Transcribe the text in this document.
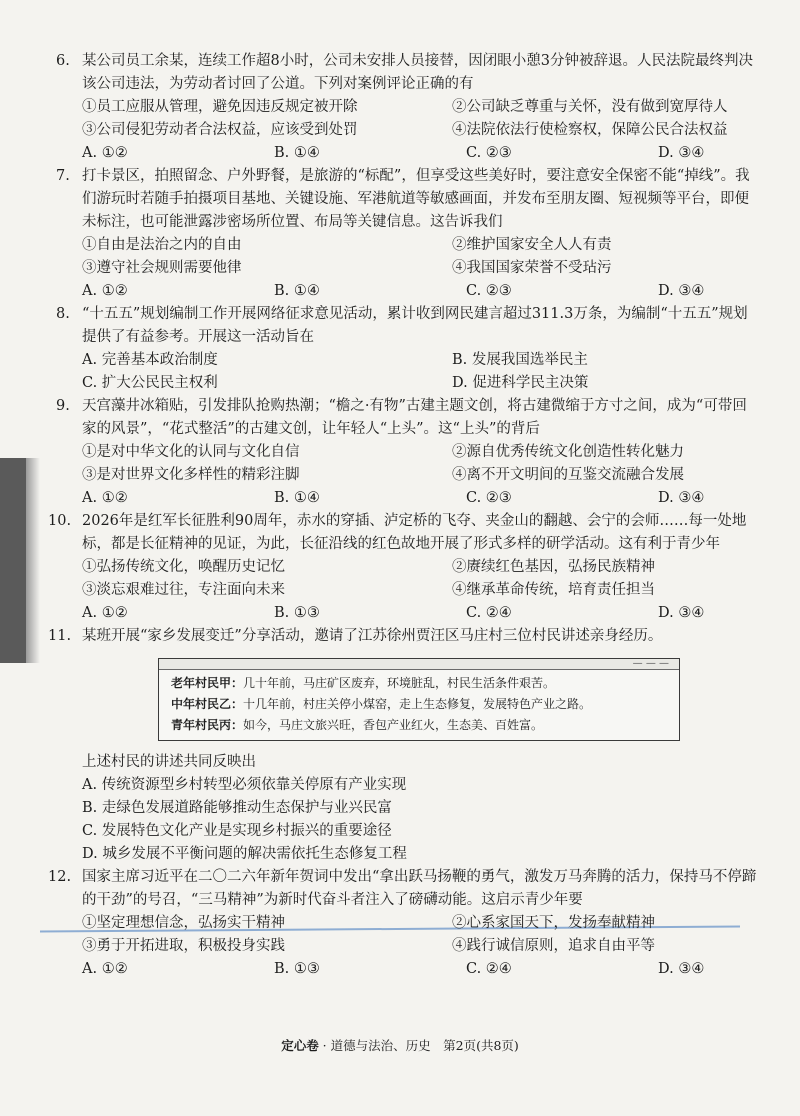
6. 某公司员工余某，连续工作超8小时，公司未安排人员接替，因闭眼小憩3分钟被辞退。人民法院最终判决该公司违法，为劳动者讨回了公道。下列对案例评论正确的有
①员工应服从管理，避免因违反规定被开除	②公司缺乏尊重与关怀，没有做到宽厚待人
③公司侵犯劳动者合法权益，应该受到处罚	④法院依法行使检察权，保障公民合法权益
A. ①②	B. ①④	C. ②③	D. ③④
7. 打卡景区，拍照留念、户外野餐，是旅游的“标配”，但享受这些美好时，要注意安全保密不能“掉线”。我们游玩时若随手拍摄项目基地、关键设施、军港航道等敏感画面，并发布至朋友圈、短视频等平台，即便未标注，也可能泄露涉密场所位置、布局等关键信息。这告诉我们
①自由是法治之内的自由	②维护国家安全人人有责
③遵守社会规则需要他律	④我国国家荣誉不受玷污
A. ①②	B. ①④	C. ②③	D. ③④
8. “十五五”规划编制工作开展网络征求意见活动，累计收到网民建言超过311.3万条，为编制“十五五”规划提供了有益参考。开展这一活动旨在
A. 完善基本政治制度	B. 发展我国选举民主
C. 扩大公民民主权利	D. 促进科学民主决策
9. 天宫藻井冰箱贴，引发排队抢购热潮；“檐之·有物”古建主题文创，将古建微缩于方寸之间，成为“可带回家的风景”，“花式整活”的古建文创，让年轻人“上头”。这“上头”的背后
①是对中华文化的认同与文化自信	②源自优秀传统文化创造性转化魅力
③是对世界文化多样性的精彩注脚	④离不开文明间的互鉴交流融合发展
A. ①②	B. ①④	C. ②③	D. ③④
10. 2026年是红军长征胜利90周年，赤水的穿插、泸定桥的飞夺、夹金山的翻越、会宁的会师……每一处地标，都是长征精神的见证，为此，长征沿线的红色故地开展了形式多样的研学活动。这有利于青少年
①弘扬传统文化，唤醒历史记忆	②赓续红色基因，弘扬民族精神
③淡忘艰难过往，专注面向未来	④继承革命传统，培育责任担当
A. ①②	B. ①③	C. ②④	D. ③④
11. 某班开展“家乡发展变迁”分享活动，邀请了江苏徐州贾汪区马庄村三位村民讲述亲身经历。
— — —
老年村民甲：几十年前，马庄矿区废弃，环境脏乱，村民生活条件艰苦。
中年村民乙：十几年前，村庄关停小煤窑，走上生态修复，发展特色产业之路。
青年村民丙：如今，马庄文旅兴旺，香包产业红火，生态美、百姓富。
上述村民的讲述共同反映出
A. 传统资源型乡村转型必须依靠关停原有产业实现
B. 走绿色发展道路能够推动生态保护与业兴民富
C. 发展特色文化产业是实现乡村振兴的重要途径
D. 城乡发展不平衡问题的解决需依托生态修复工程
12. 国家主席习近平在二〇二六年新年贺词中发出“拿出跃马扬鞭的勇气，激发万马奔腾的活力，保持马不停蹄的干劲”的号召，“三马精神”为新时代奋斗者注入了磅礴动能。这启示青少年要
①坚定理想信念，弘扬实干精神	②心系家国天下，发扬奉献精神
③勇于开拓进取，积极投身实践	④践行诚信原则，追求自由平等
A. ①②	B. ①③	C. ②④	D. ③④
定心卷 · 道德与法治、历史　第2页(共8页)
